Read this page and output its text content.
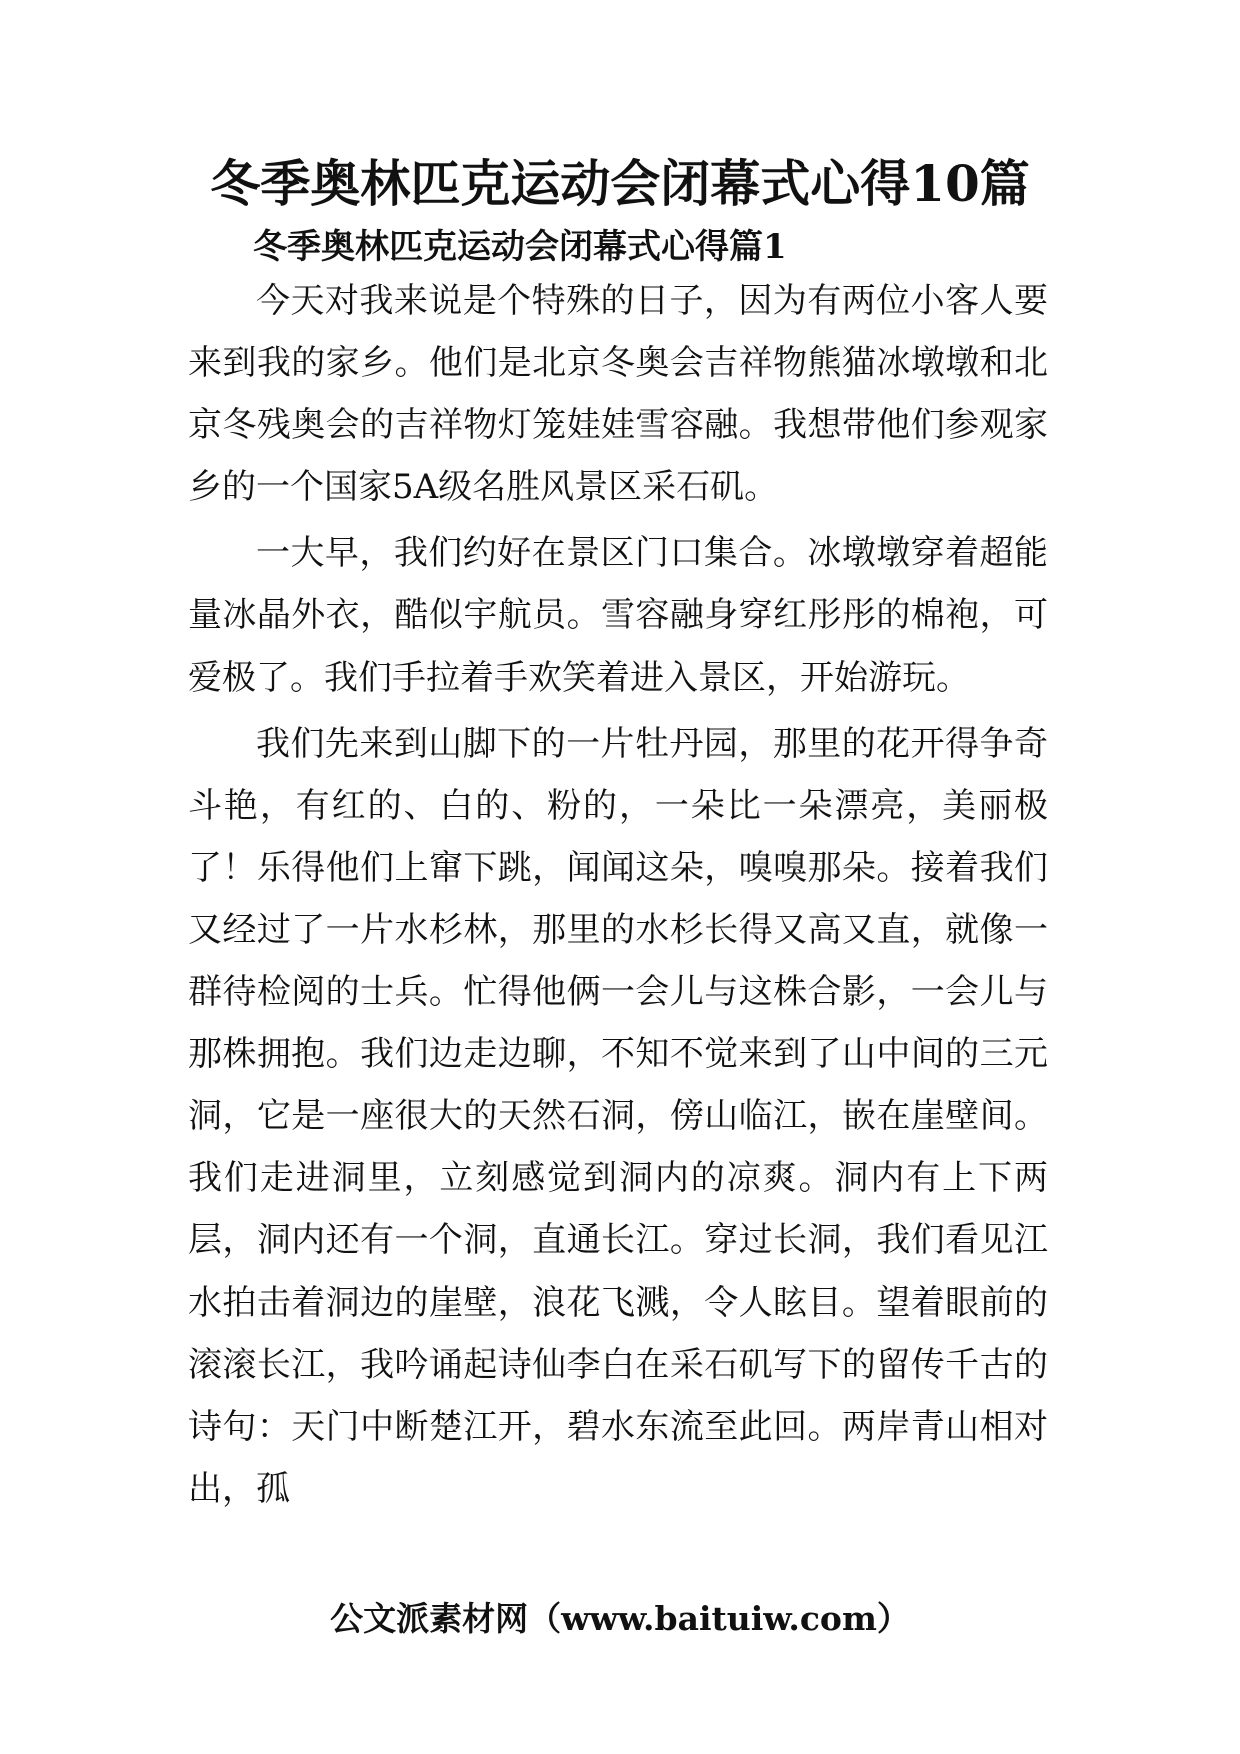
冬季奥林匹克运动会闭幕式心得10篇
冬季奥林匹克运动会闭幕式心得篇1

今天对我来说是个特殊的日子，因为有两位小客人要来到我的家乡。他们是北京冬奥会吉祥物熊猫冰墩墩和北京冬残奥会的吉祥物灯笼娃娃雪容融。我想带他们参观家乡的一个国家5A级名胜风景区采石矶。

一大早，我们约好在景区门口集合。冰墩墩穿着超能量冰晶外衣，酷似宇航员。雪容融身穿红彤彤的棉袍，可爱极了。我们手拉着手欢笑着进入景区，开始游玩。

我们先来到山脚下的一片牡丹园，那里的花开得争奇斗艳，有红的、白的、粉的，一朵比一朵漂亮，美丽极了！乐得他们上窜下跳，闻闻这朵，嗅嗅那朵。接着我们又经过了一片水杉林，那里的水杉长得又高又直，就像一群待检阅的士兵。忙得他俩一会儿与这株合影，一会儿与那株拥抱。我们边走边聊，不知不觉来到了山中间的三元洞，它是一座很大的天然石洞，傍山临江，嵌在崖壁间。我们走进洞里，立刻感觉到洞内的凉爽。洞内有上下两层，洞内还有一个洞，直通长江。穿过长洞，我们看见江水拍击着洞边的崖壁，浪花飞溅，令人眩目。望着眼前的滚滚长江，我吟诵起诗仙李白在采石矶写下的留传千古的诗句：天门中断楚江开，碧水东流至此回。两岸青山相对出，孤

公文派素材网（www.baituiw.com）
